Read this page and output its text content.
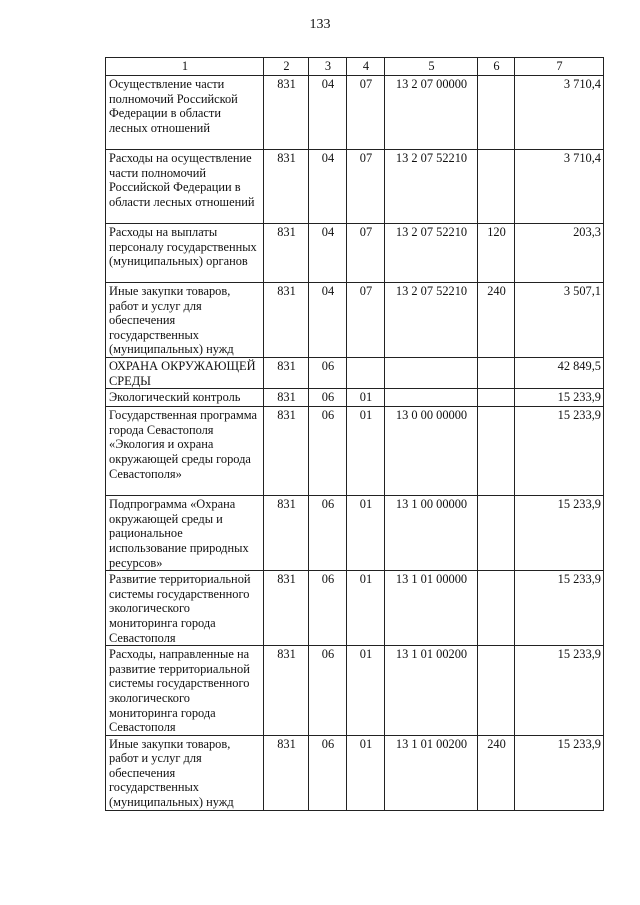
133
1	2	3	4	5	6	7
Осуществление части полномочий Российской Федерации в области лесных отношений	831	04	07	13 2 07 00000		3 710,4
Расходы на осуществление части полномочий Российской Федерации в области лесных отношений	831	04	07	13 2 07 52210		3 710,4
Расходы на выплаты персоналу государственных (муниципальных) органов	831	04	07	13 2 07 52210	120	203,3
Иные закупки товаров, работ и услуг для обеспечения государственных (муниципальных) нужд	831	04	07	13 2 07 52210	240	3 507,1
ОХРАНА ОКРУЖАЮЩЕЙ СРЕДЫ	831	06				42 849,5
Экологический контроль	831	06	01			15 233,9
Государственная программа города Севастополя «Экология и охрана окружающей среды города Севастополя»	831	06	01	13 0 00 00000		15 233,9
Подпрограмма «Охрана окружающей среды и рациональное использование природных ресурсов»	831	06	01	13 1 00 00000		15 233,9
Развитие территориальной системы государственного экологического мониторинга города Севастополя	831	06	01	13 1 01 00000		15 233,9
Расходы, направленные на развитие территориальной системы государственного экологического мониторинга города Севастополя	831	06	01	13 1 01 00200		15 233,9
Иные закупки товаров, работ и услуг для обеспечения государственных (муниципальных) нужд	831	06	01	13 1 01 00200	240	15 233,9
